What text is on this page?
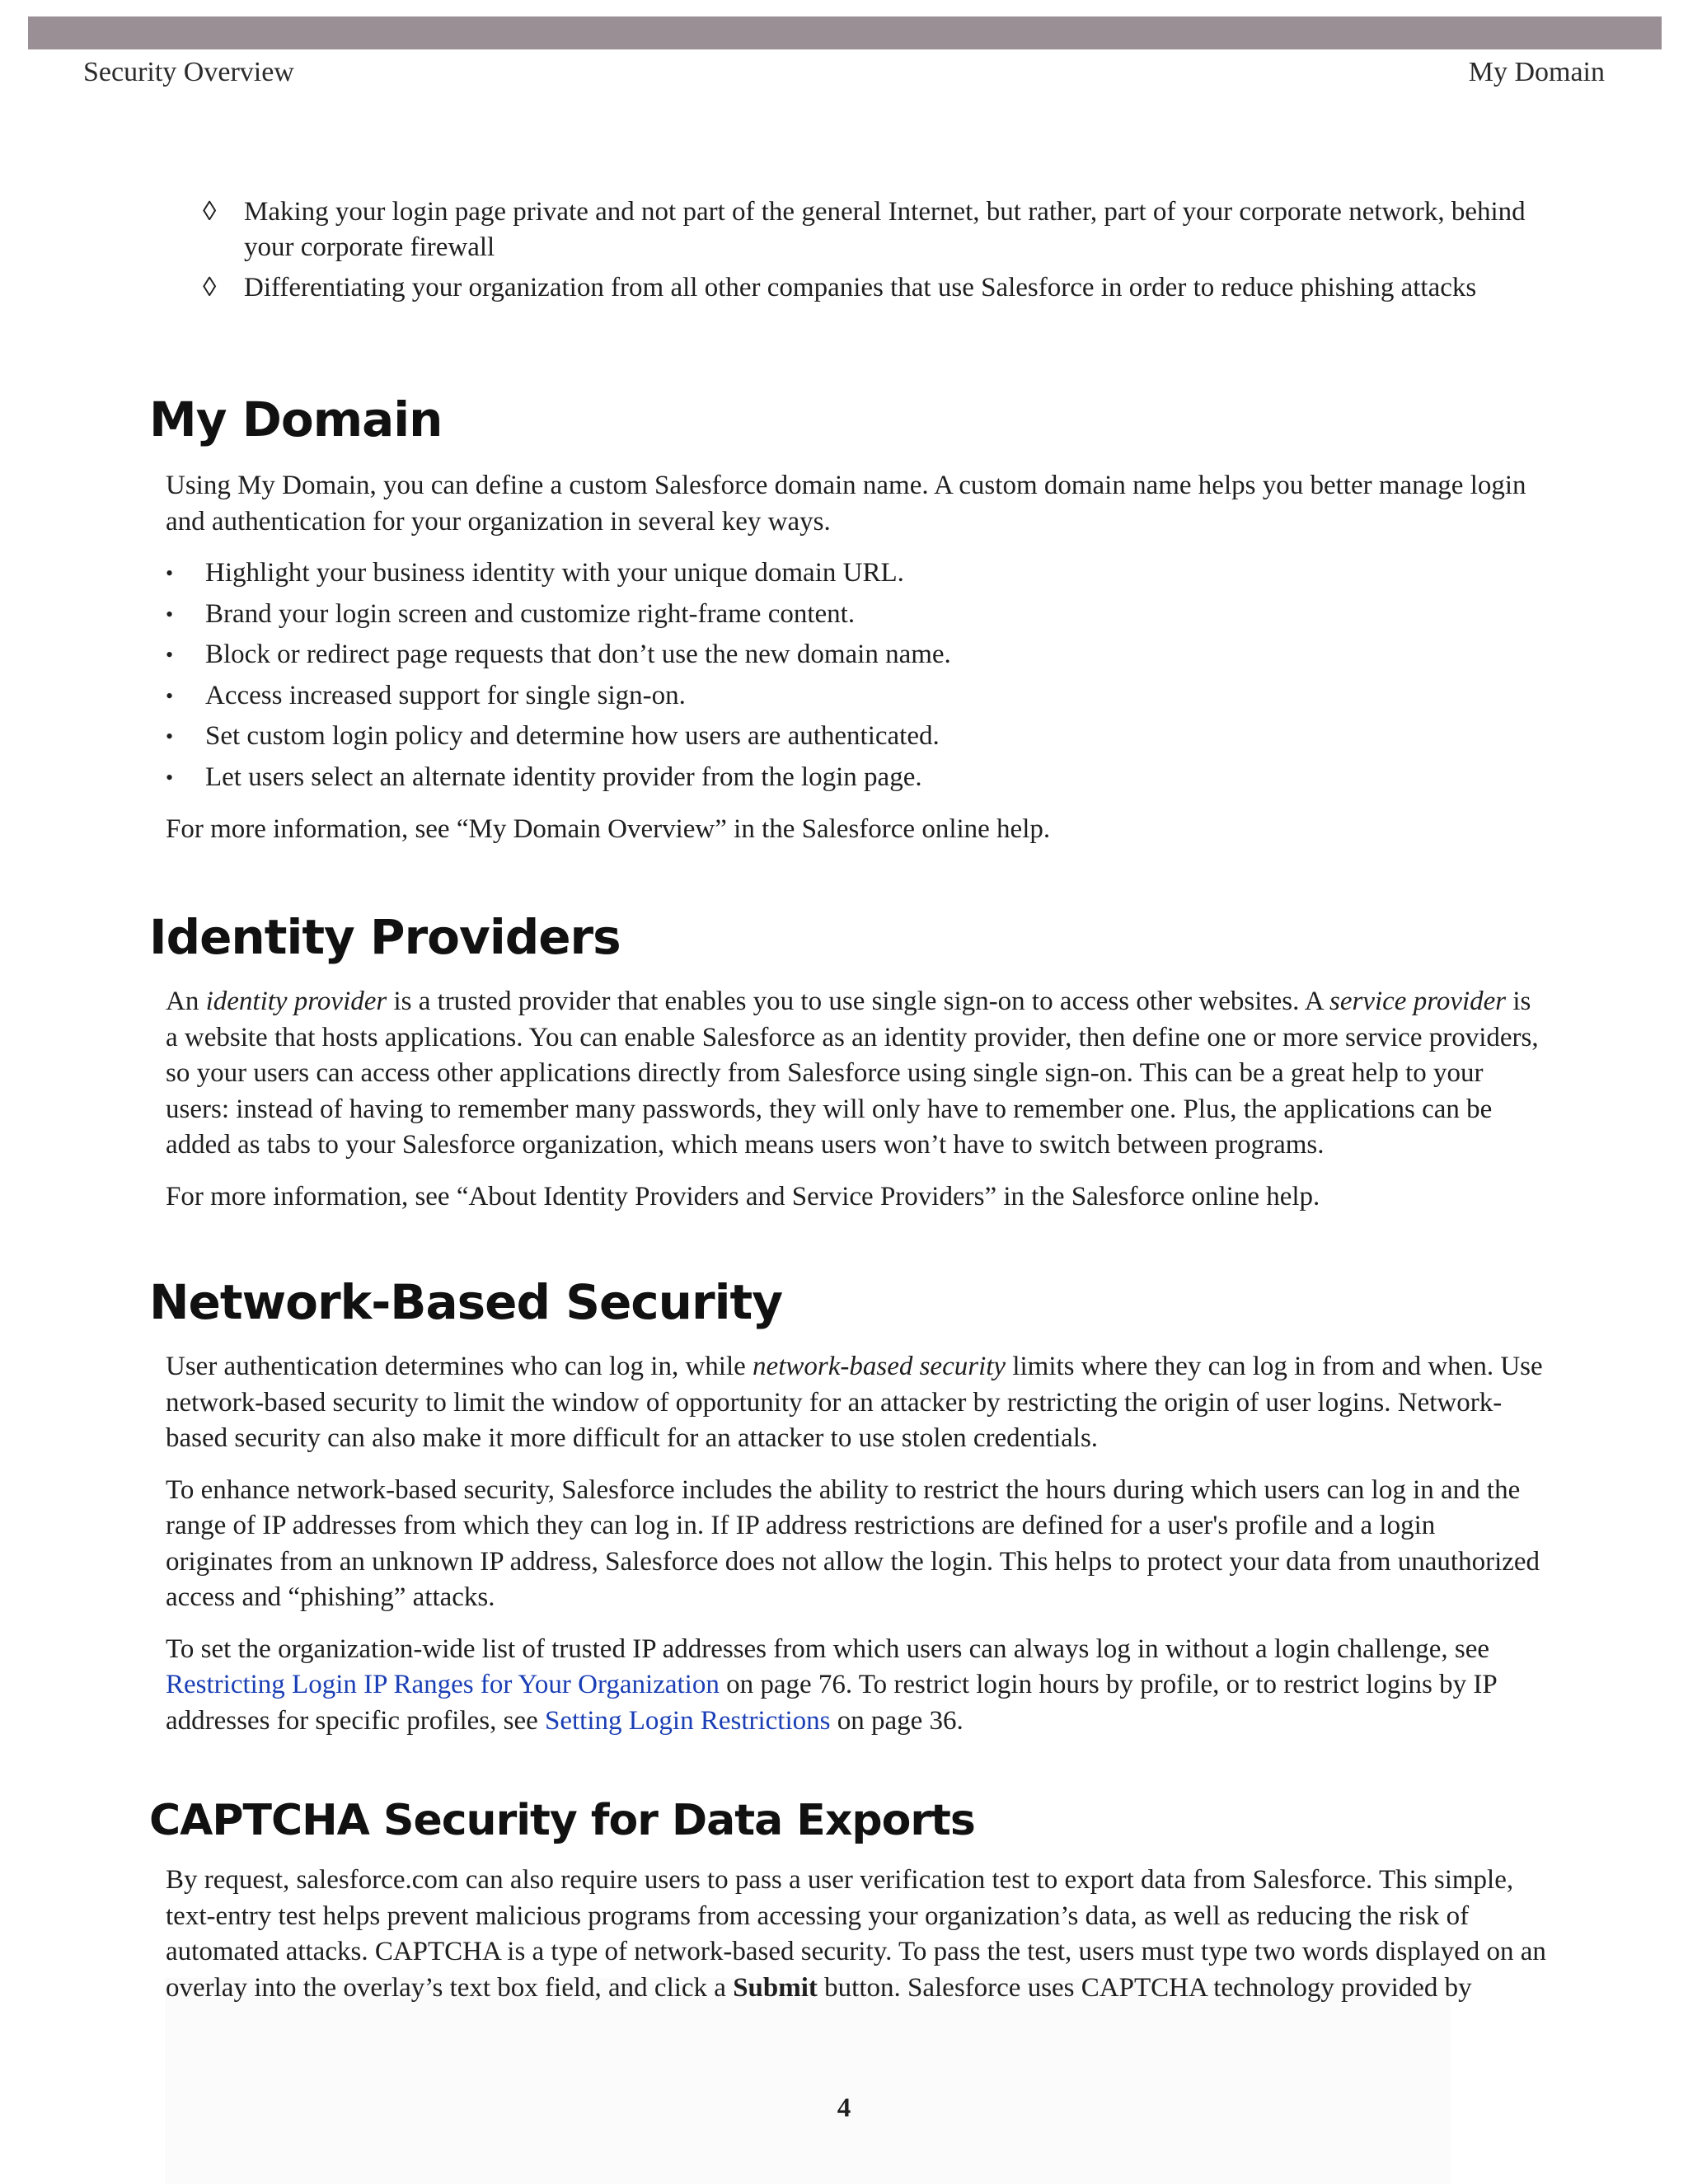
Security Overview	My Domain
◊ Making your login page private and not part of the general Internet, but rather, part of your corporate network, behind your corporate firewall
◊ Differentiating your organization from all other companies that use Salesforce in order to reduce phishing attacks
My Domain

Using My Domain, you can define a custom Salesforce domain name. A custom domain name helps you better manage login and authentication for your organization in several key ways.

• Highlight your business identity with your unique domain URL.
• Brand your login screen and customize right-frame content.
• Block or redirect page requests that don’t use the new domain name.
• Access increased support for single sign-on.
• Set custom login policy and determine how users are authenticated.
• Let users select an alternate identity provider from the login page.

For more information, see “My Domain Overview” in the Salesforce online help.

Identity Providers

An identity provider is a trusted provider that enables you to use single sign-on to access other websites. A service provider is a website that hosts applications. You can enable Salesforce as an identity provider, then define one or more service providers, so your users can access other applications directly from Salesforce using single sign-on. This can be a great help to your users: instead of having to remember many passwords, they will only have to remember one. Plus, the applications can be added as tabs to your Salesforce organization, which means users won’t have to switch between programs.

For more information, see “About Identity Providers and Service Providers” in the Salesforce online help.

Network-Based Security

User authentication determines who can log in, while network-based security limits where they can log in from and when. Use network-based security to limit the window of opportunity for an attacker by restricting the origin of user logins. Network-based security can also make it more difficult for an attacker to use stolen credentials.

To enhance network-based security, Salesforce includes the ability to restrict the hours during which users can log in and the range of IP addresses from which they can log in. If IP address restrictions are defined for a user's profile and a login originates from an unknown IP address, Salesforce does not allow the login. This helps to protect your data from unauthorized access and “phishing” attacks.

To set the organization-wide list of trusted IP addresses from which users can always log in without a login challenge, see Restricting Login IP Ranges for Your Organization on page 76. To restrict login hours by profile, or to restrict logins by IP addresses for specific profiles, see Setting Login Restrictions on page 36.

CAPTCHA Security for Data Exports

By request, salesforce.com can also require users to pass a user verification test to export data from Salesforce. This simple, text-entry test helps prevent malicious programs from accessing your organization’s data, as well as reducing the risk of automated attacks. CAPTCHA is a type of network-based security. To pass the test, users must type two words displayed on an overlay into the overlay’s text box field, and click a Submit button. Salesforce uses CAPTCHA technology provided by

4
